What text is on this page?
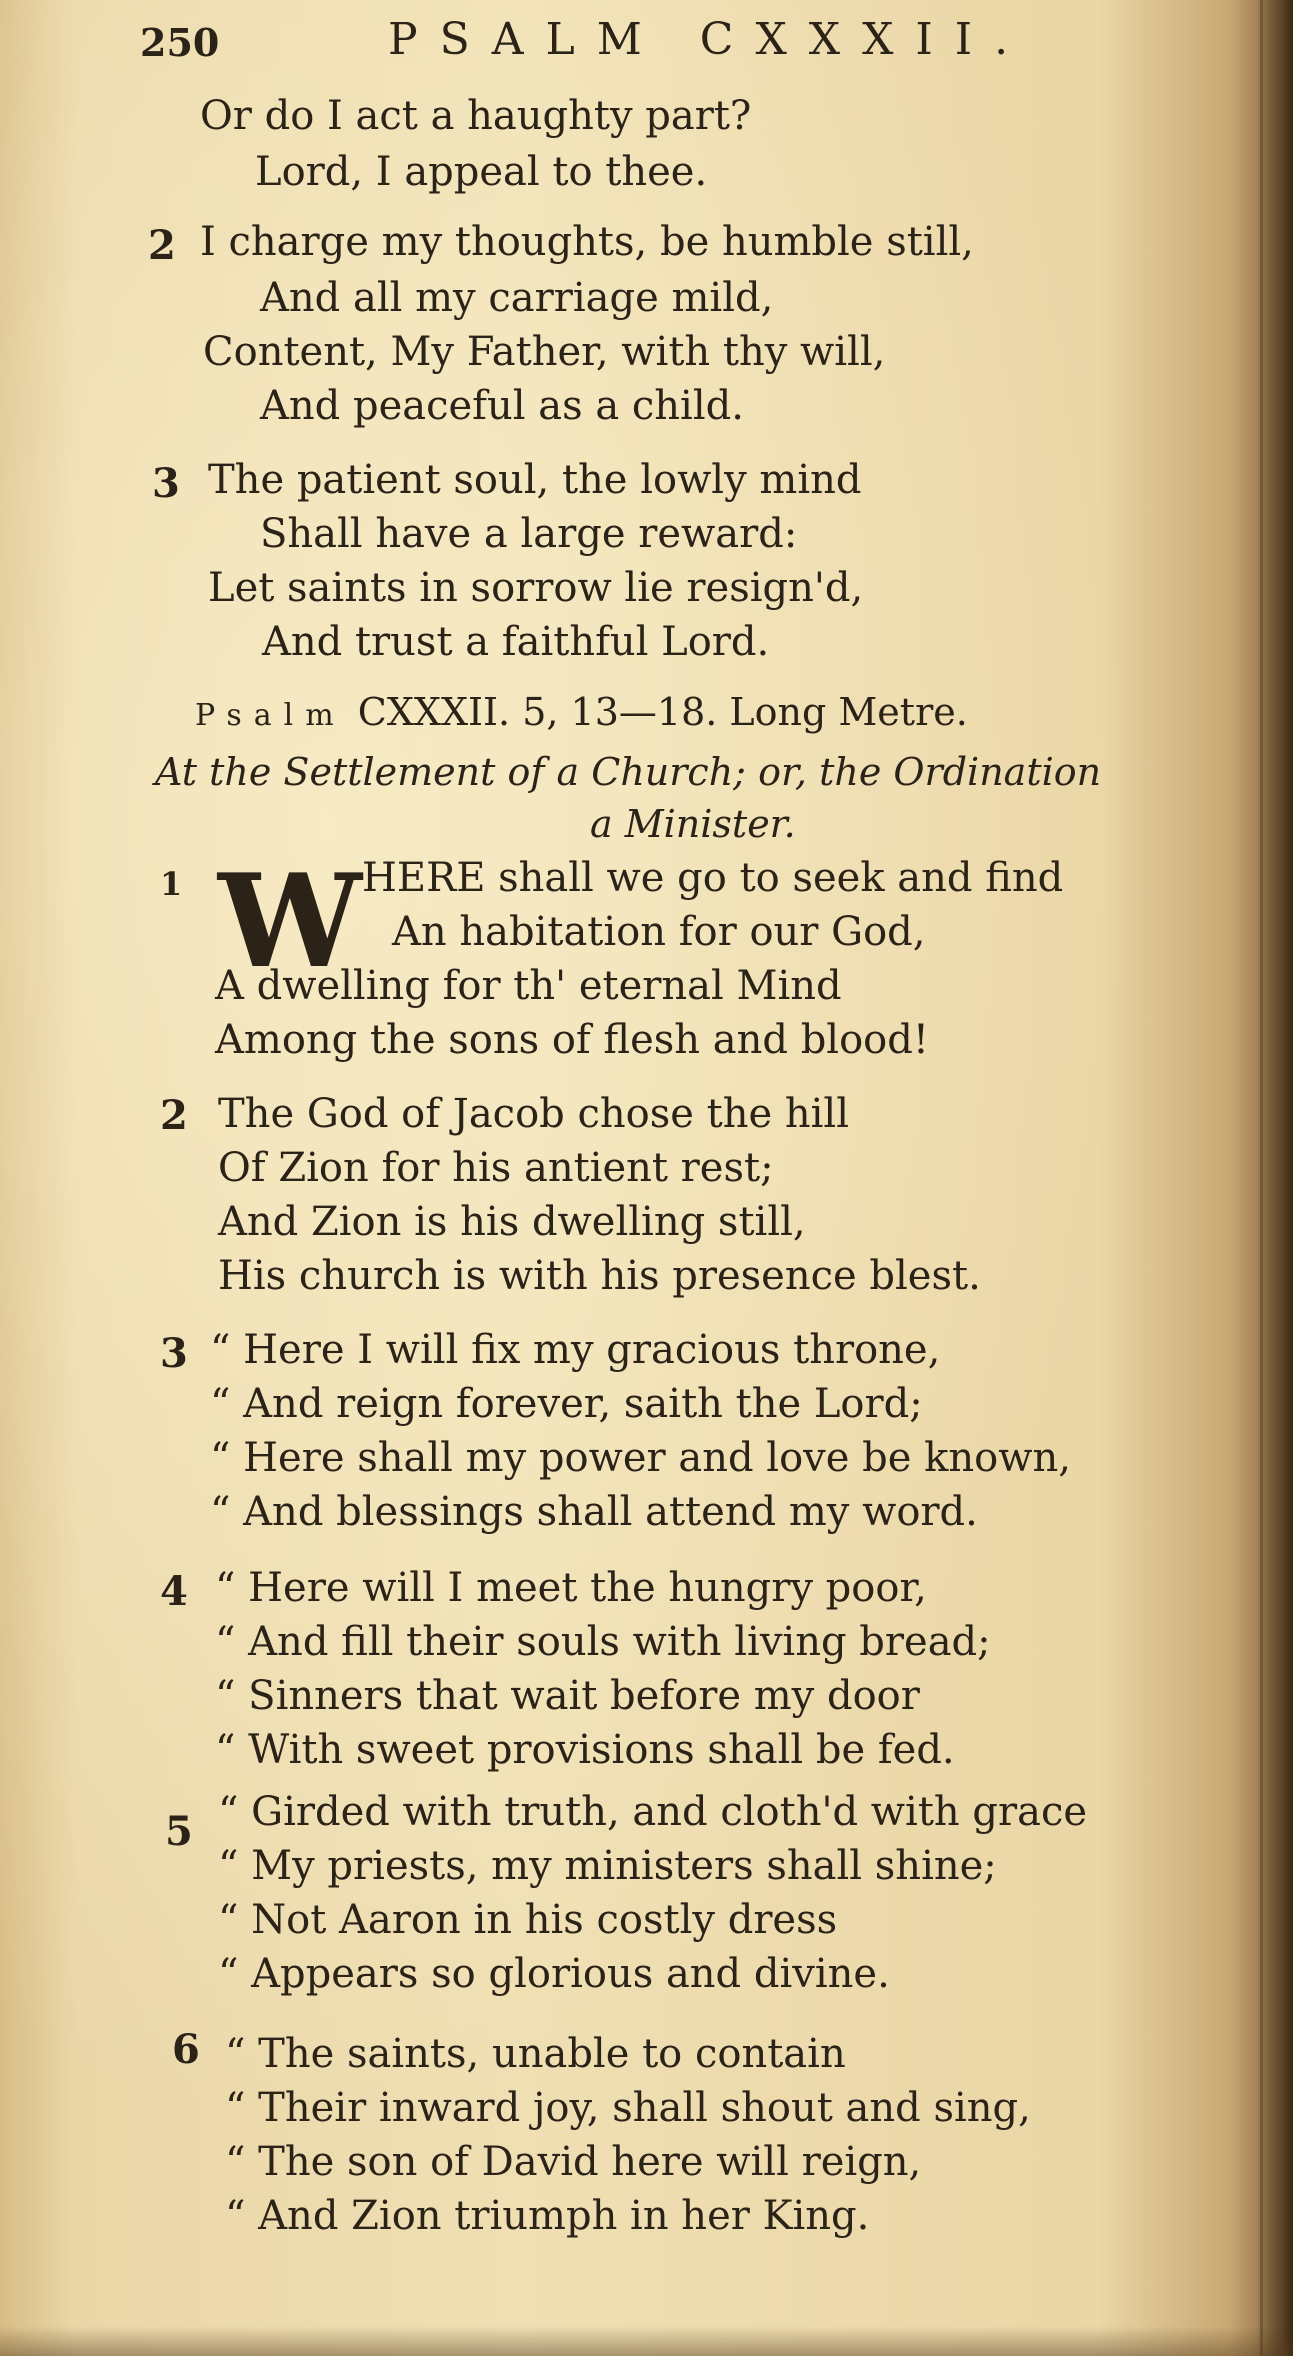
250	PSALM CXXXII.
Or do I act a haughty part?
Lord, I appeal to thee.
2 I charge my thoughts, be humble still,
And all my carriage mild,
Content, My Father, with thy will,
And peaceful as a child.
3 The patient soul, the lowly mind
Shall have a large reward:
Let saints in sorrow lie resign'd,
And trust a faithful Lord.
Psalm CXXXII. 5, 13—18. Long Metre.
At the Settlement of a Church; or, the Ordination
a Minister.
1 W HERE shall we go to seek and find
An habitation for our God,
A dwelling for th' eternal Mind
Among the sons of flesh and blood!
2 The God of Jacob chose the hill
Of Zion for his antient rest;
And Zion is his dwelling still,
His church is with his presence blest.
3 “ Here I will fix my gracious throne,
“ And reign forever, saith the Lord;
“ Here shall my power and love be known,
“ And blessings shall attend my word.
4 “ Here will I meet the hungry poor,
“ And fill their souls with living bread;
“ Sinners that wait before my door
“ With sweet provisions shall be fed.
5 “ Girded with truth, and cloth'd with grace
“ My priests, my ministers shall shine;
“ Not Aaron in his costly dress
“ Appears so glorious and divine.
6 “ The saints, unable to contain
“ Their inward joy, shall shout and sing,
“ The son of David here will reign,
“ And Zion triumph in her King.
